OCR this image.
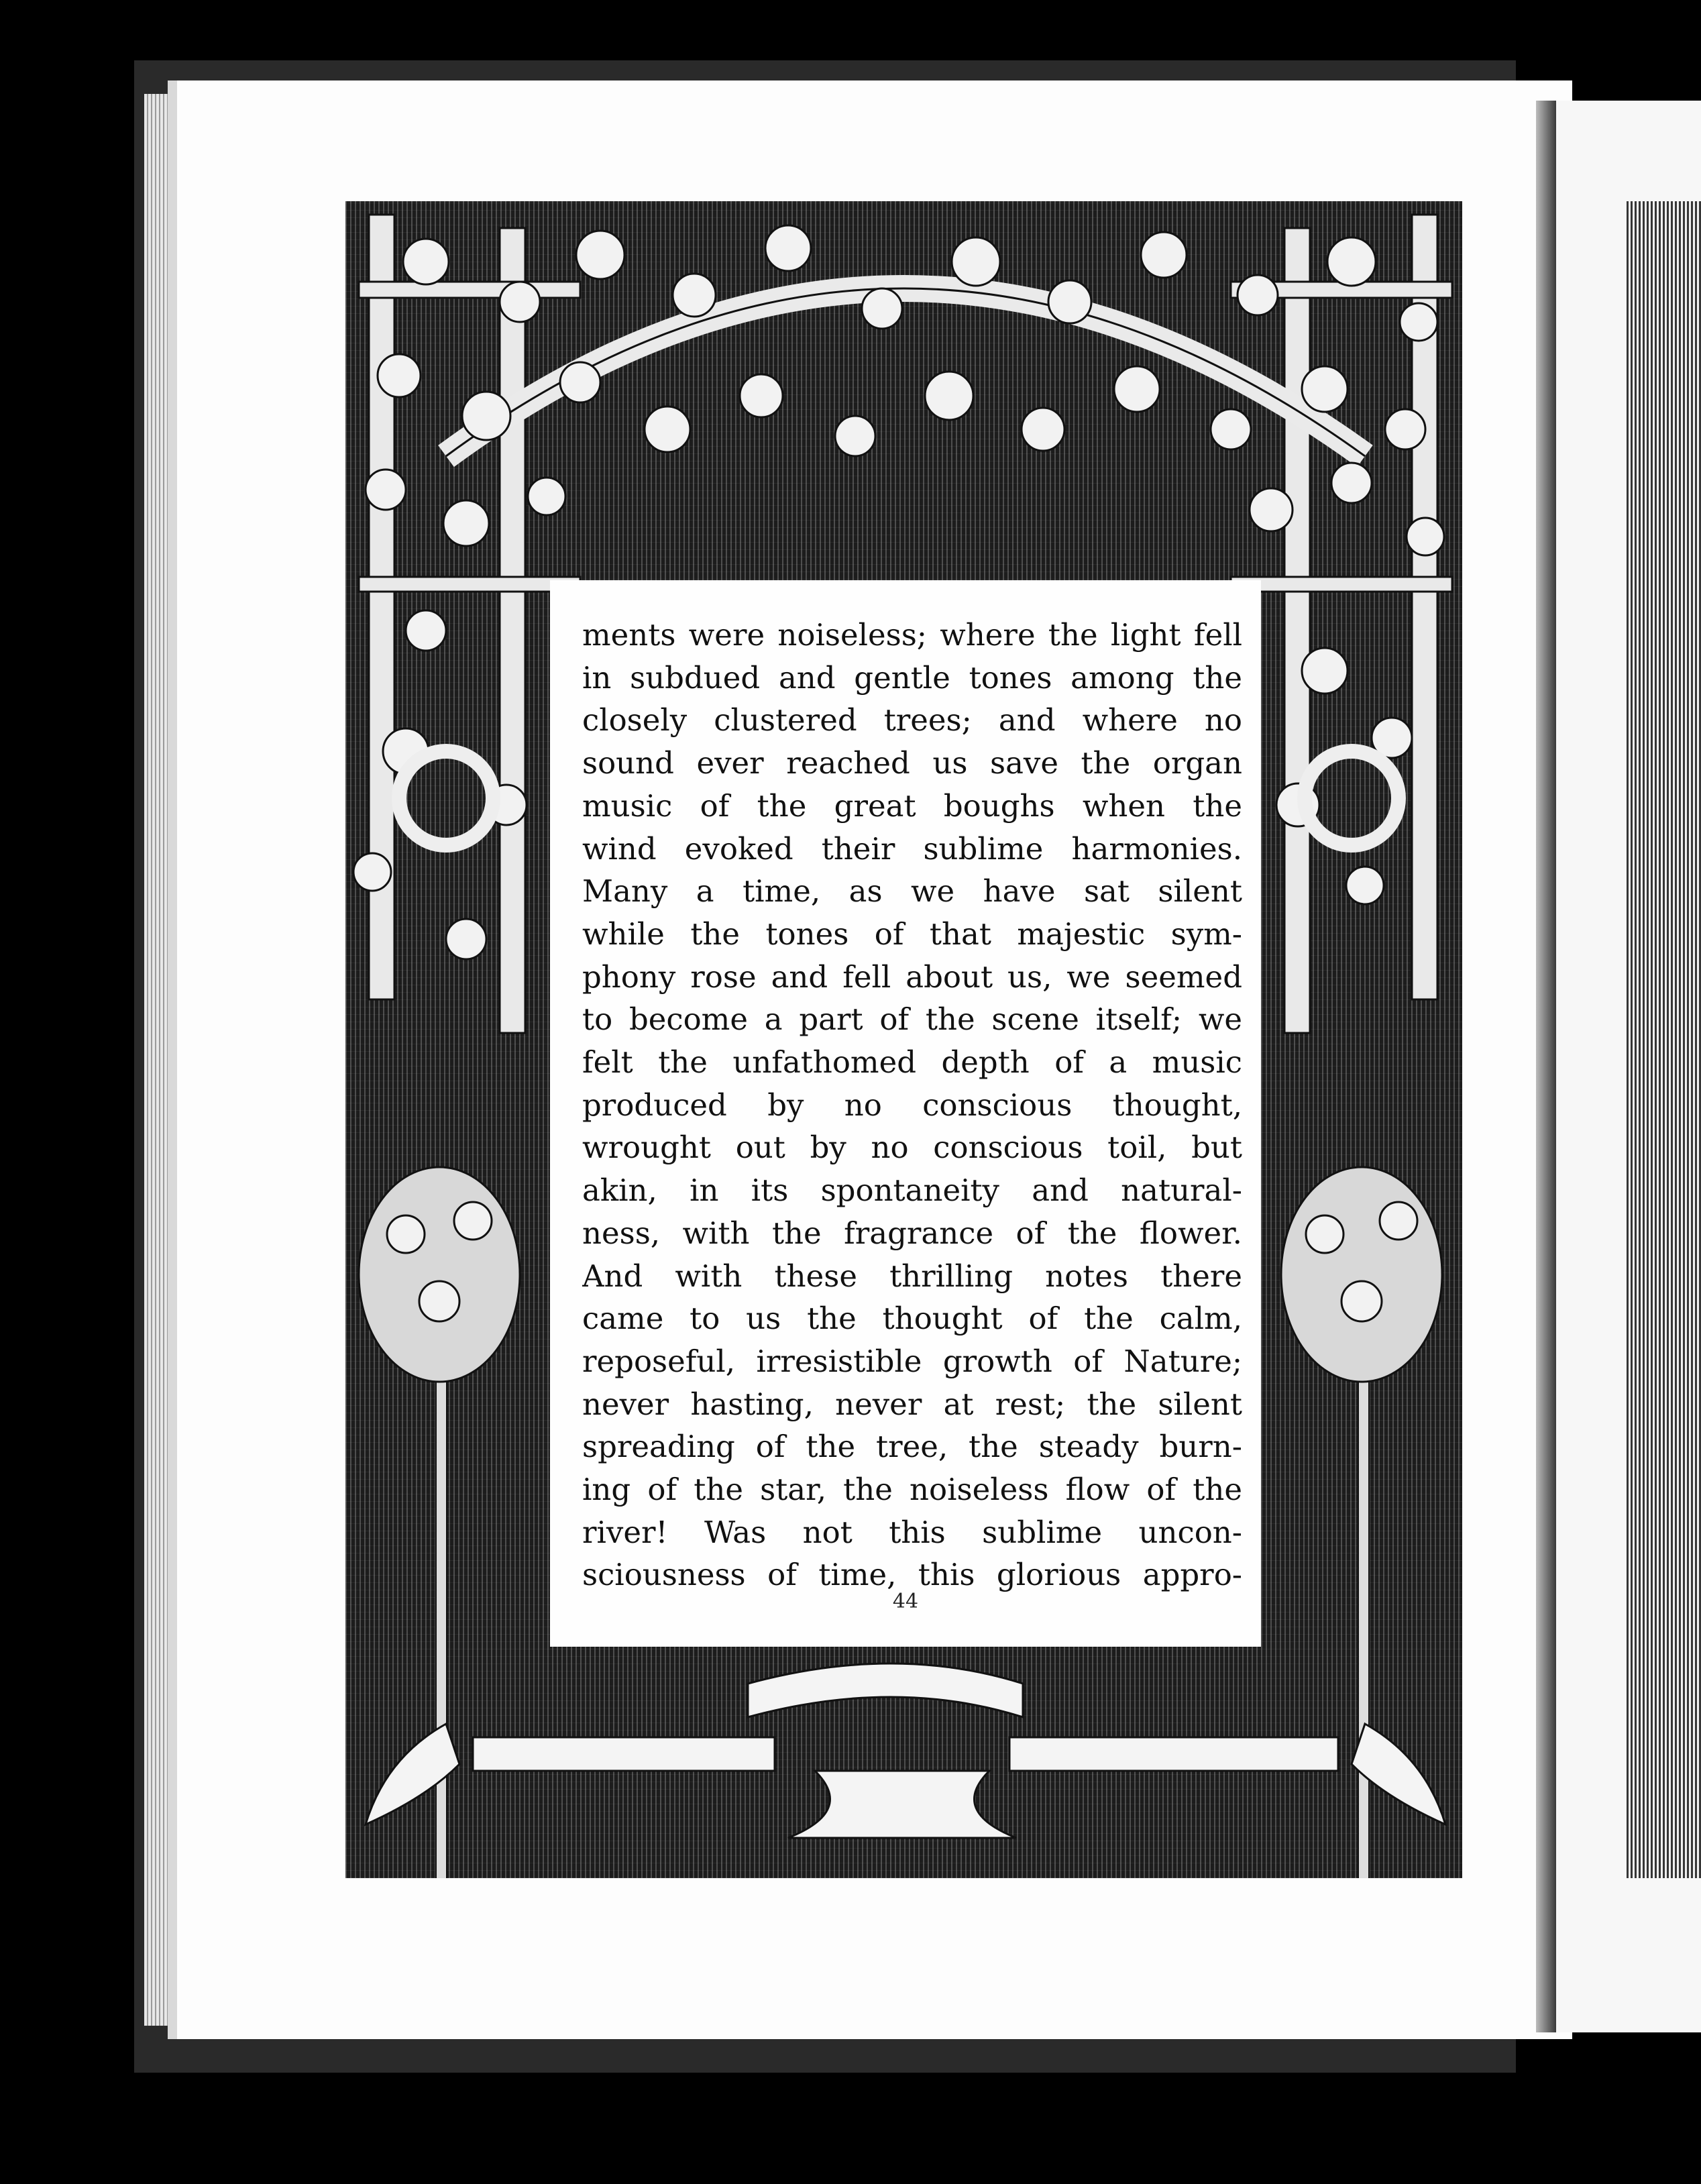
ments were noiseless; where the light fell
in subdued and gentle tones among the
closely clustered trees; and where no
sound ever reached us save the organ
music of the great boughs when the
wind evoked their sublime harmonies.
Many a time, as we have sat silent
while the tones of that majestic sym-
phony rose and fell about us, we seemed
to become a part of the scene itself; we
felt the unfathomed depth of a music
produced by no conscious thought,
wrought out by no conscious toil, but
akin, in its spontaneity and natural-
ness, with the fragrance of the flower.
And with these thrilling notes there
came to us the thought of the calm,
reposeful, irresistible growth of Nature;
never hasting, never at rest; the silent
spreading of the tree, the steady burn-
ing of the star, the noiseless flow of the
river! Was not this sublime uncon-
sciousness of time, this glorious appro-
44
